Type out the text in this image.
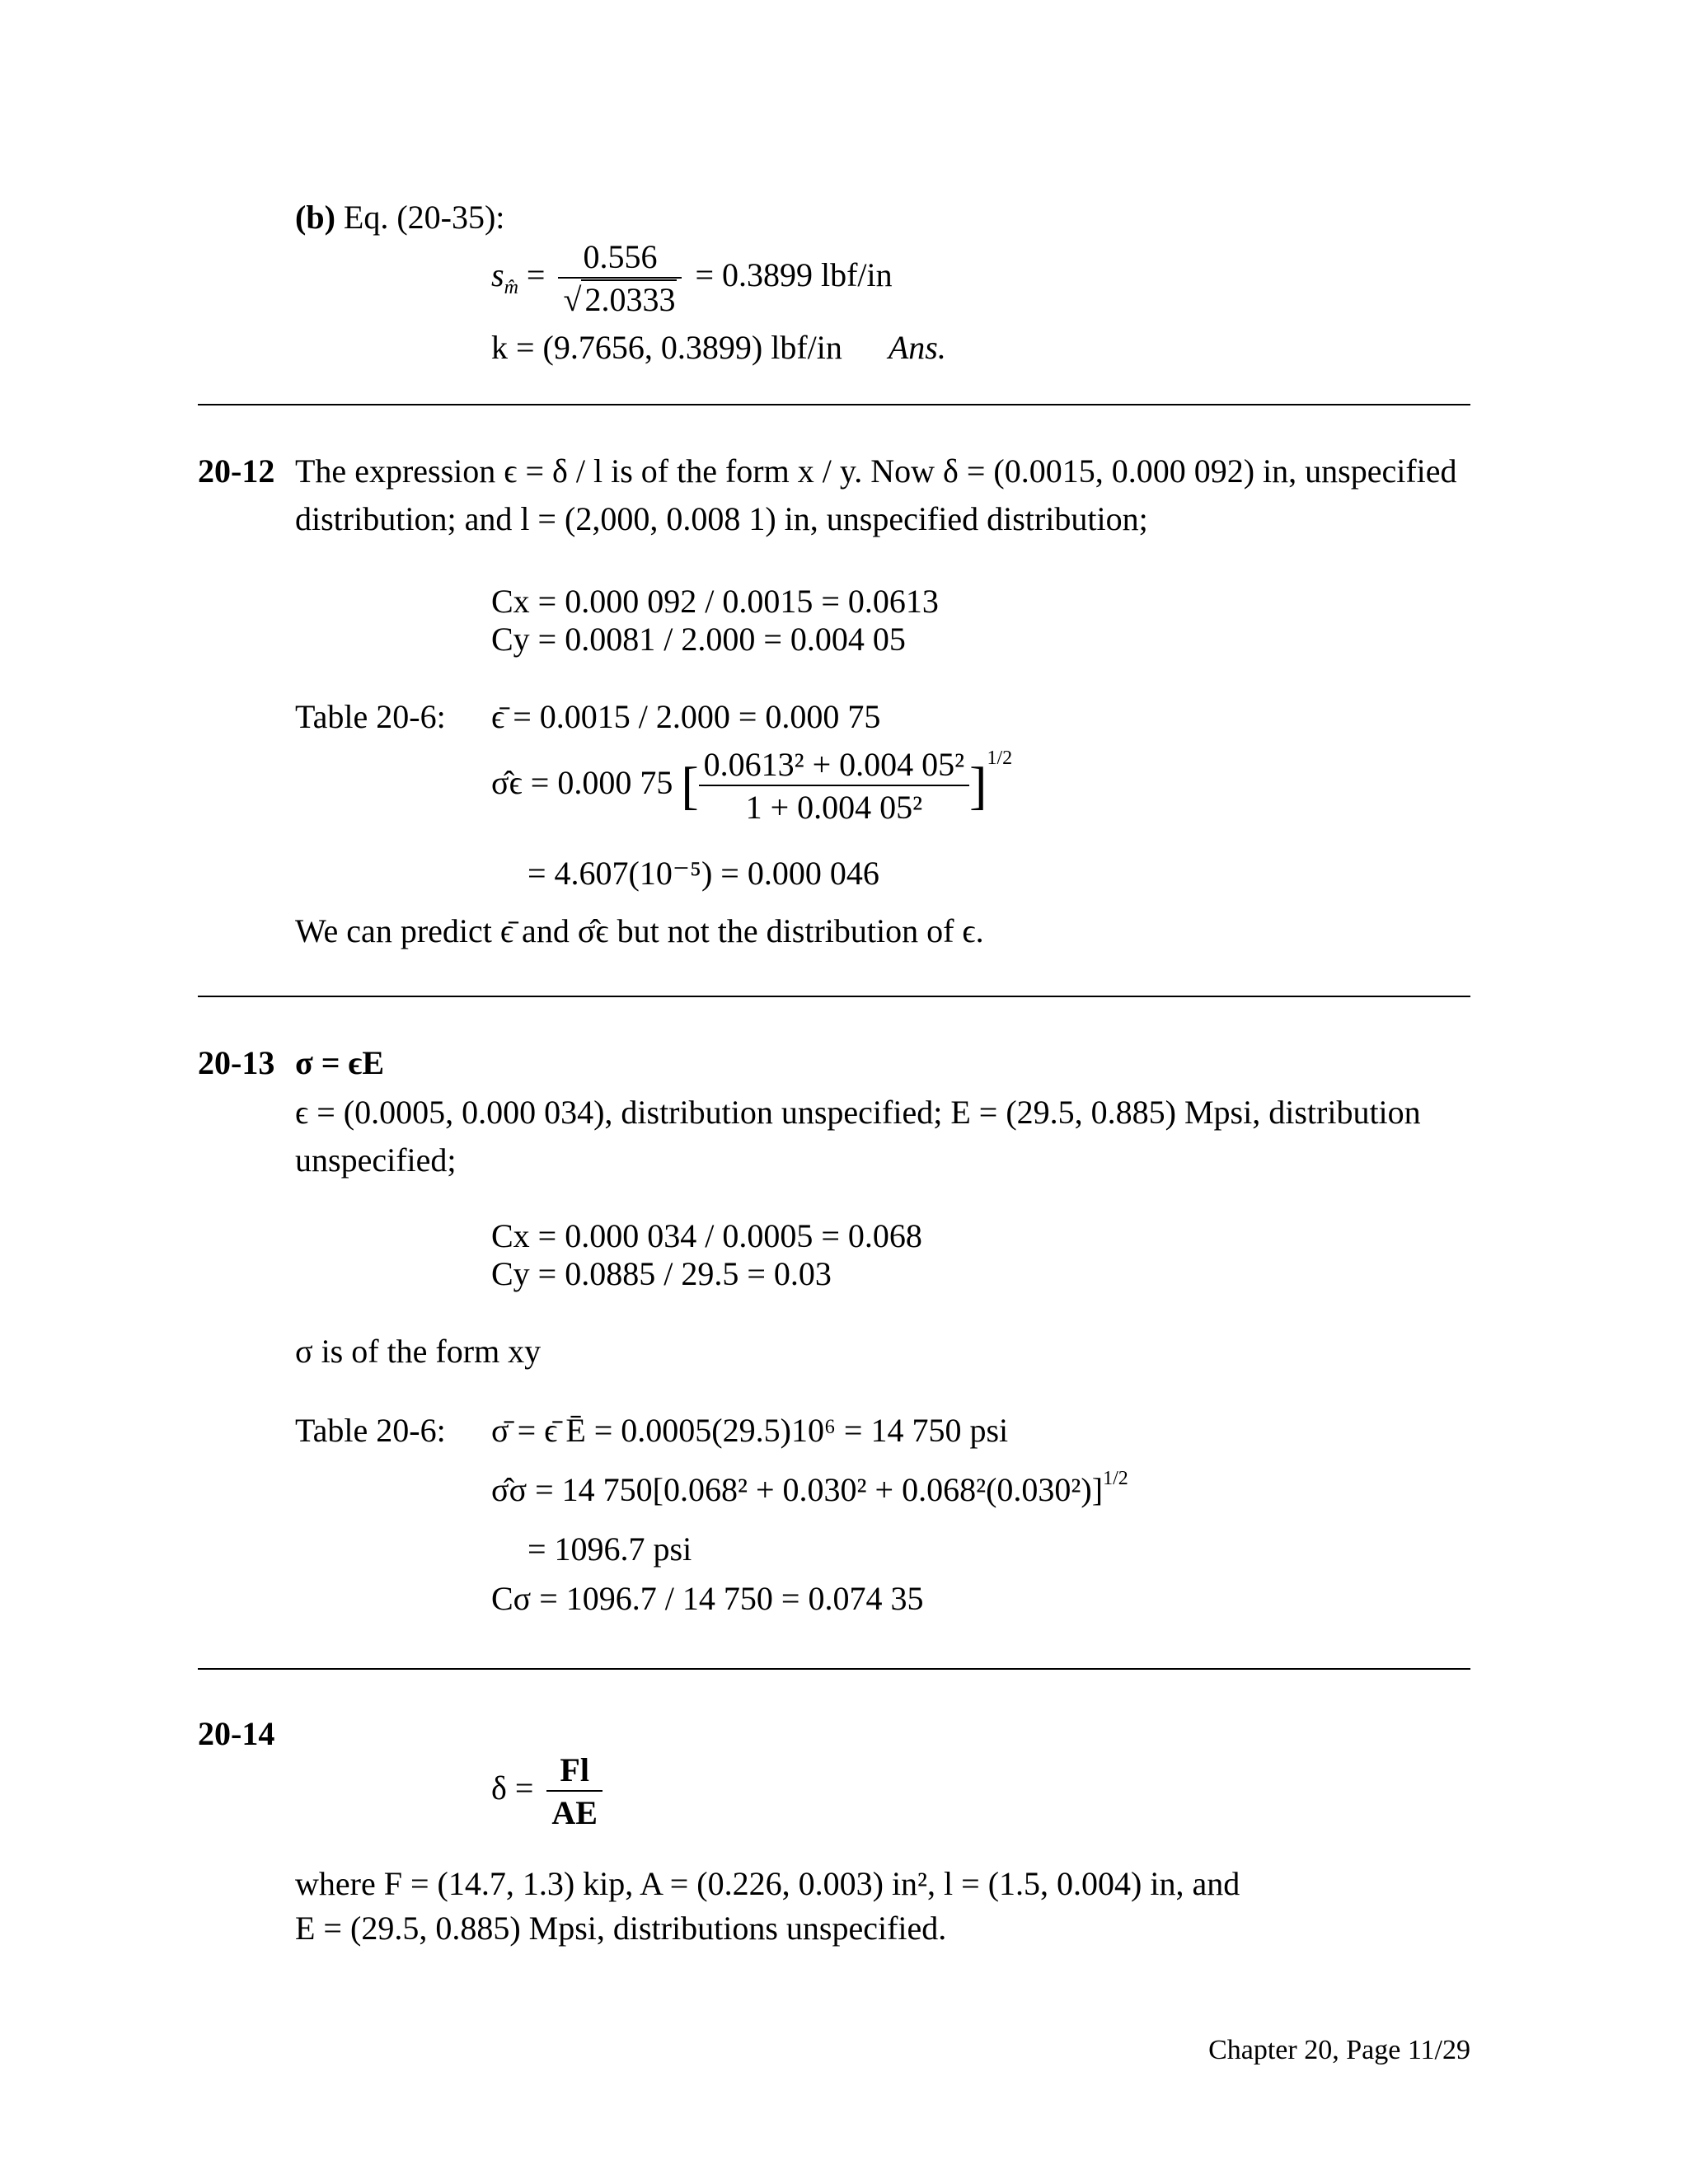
(b) Eq. (20-35):
$s_{m̂} = \frac{0.556}{√ 2.0333} = 0.3899$ lbf/in
k = (9.7656, 0.3899) lbf/in Ans.
20-12 The expression ϵ = δ / l is of the form x / y. Now δ = (0.0015, 0.000 092) in, unspecified
distribution; and l = (2,000, 0.008 1) in, unspecified distribution;
Cx = 0.000 092 / 0.0015 = 0.0613
Cy = 0.0081 / 2.000 = 0.004 05
Table 20-6: ϵ̄ = 0.0015 / 2.000 = 0.000 75
σ̂ϵ = 0.000 75 [ $\frac{\text{0.0613² + 0.004 05²}}{\text{1 + 0.004 05²}} ]^{1/2}$
= 4.607(10⁻⁵) = 0.000 046
We can predict ϵ̄ and σ̂ϵ but not the distribution of ϵ.
20-13 σ = ϵE
ϵ = (0.0005, 0.000 034), distribution unspecified; E = (29.5, 0.885) Mpsi, distribution
unspecified;
Cx = 0.000 034 / 0.0005 = 0.068
Cy = 0.0885 / 29.5 = 0.03
σ is of the form xy
Table 20-6: σ̄ = ϵ̄ Ē = 0.0005(29.5)10⁶ = 14 750 psi
σ̂σ = 14 $750[0.068^2 + 0.030^2 + 0.068^2(0.030^2)]^{1/2}$
= 1096.7 psi
Cσ = 1096.7 / 14 750 = 0.074 35
20-14
$\delta = \frac{Fl}{AE}$
where F = (14.7, 1.3) kip, A = (0.226, 0.003) in², l = (1.5, 0.004) in, and
E = (29.5, 0.885) Mpsi, distributions unspecified.
Chapter 20, Page 11/29
